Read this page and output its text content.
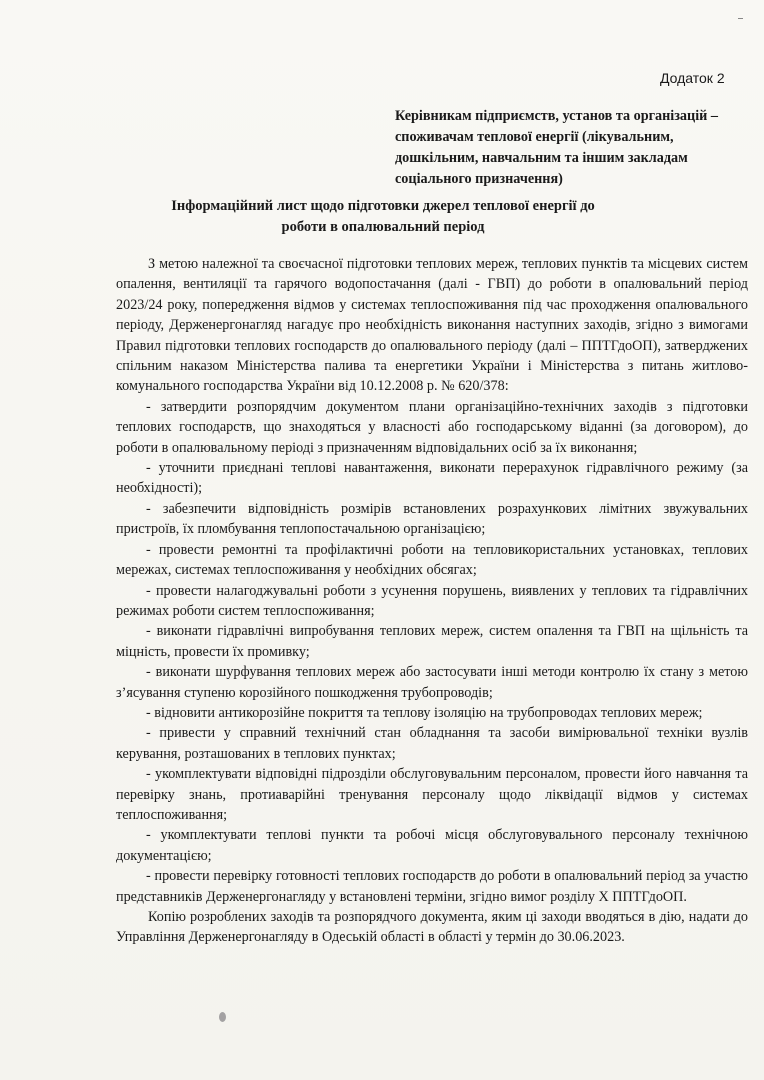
Додаток 2
Керівникам підприємств, установ та організацій – споживачам теплової енергії (лікувальним, дошкільним, навчальним та іншим закладам соціального призначення)
Інформаційний лист щодо підготовки джерел теплової енергії до роботи в опалювальний період

З метою належної та своєчасної підготовки теплових мереж, теплових пунктів та місцевих систем опалення, вентиляції та гарячого водопостачання (далі - ГВП) до роботи в опалювальний період 2023/24 року, попередження відмов у системах теплоспоживання під час проходження опалювального періоду, Держенергонагляд нагадує про необхідність виконання наступних заходів, згідно з вимогами Правил підготовки теплових господарств до опалювального періоду (далі – ППТГдоОП), затверджених спільним наказом Міністерства палива та енергетики України і Міністерства з питань житлово-комунального господарства України від 10.12.2008 р. № 620/378:

- затвердити розпорядчим документом плани організаційно-технічних заходів з підготовки теплових господарств, що знаходяться у власності або господарському віданні (за договором), до роботи в опалювальному періоді з призначенням відповідальних осіб за їх виконання;
- уточнити приєднані теплові навантаження, виконати перерахунок гідравлічного режиму (за необхідності);
- забезпечити відповідність розмірів встановлених розрахункових лімітних звужувальних пристроїв, їх пломбування теплопостачальною організацією;
- провести ремонтні та профілактичні роботи на тепловикористальних установках, теплових мережах, системах теплоспоживання у необхідних обсягах;
- провести налагоджувальні роботи з усунення порушень, виявлених у теплових та гідравлічних режимах роботи систем теплоспоживання;
- виконати гідравлічні випробування теплових мереж, систем опалення та ГВП на щільність та міцність, провести їх промивку;
- виконати шурфування теплових мереж або застосувати інші методи контролю їх стану з метою з’ясування ступеню корозійного пошкодження трубопроводів;
- відновити антикорозійне покриття та теплову ізоляцію на трубопроводах теплових мереж;
- привести у справний технічний стан обладнання та засоби вимірювальної техніки вузлів керування, розташованих в теплових пунктах;
- укомплектувати відповідні підрозділи обслуговувальним персоналом, провести його навчання та перевірку знань, протиаварійні тренування персоналу щодо ліквідації відмов у системах теплоспоживання;
- укомплектувати теплові пункти та робочі місця обслуговувального персоналу технічною документацією;
- провести перевірку готовності теплових господарств до роботи в опалювальний період за участю представників Держенергонагляду у встановлені терміни, згідно вимог розділу Х ППТГдоОП.

Копію розроблених заходів та розпорядчого документа, яким ці заходи вводяться в дію, надати до Управління Держенергонагляду в Одеській області в області у термін до 30.06.2023.
